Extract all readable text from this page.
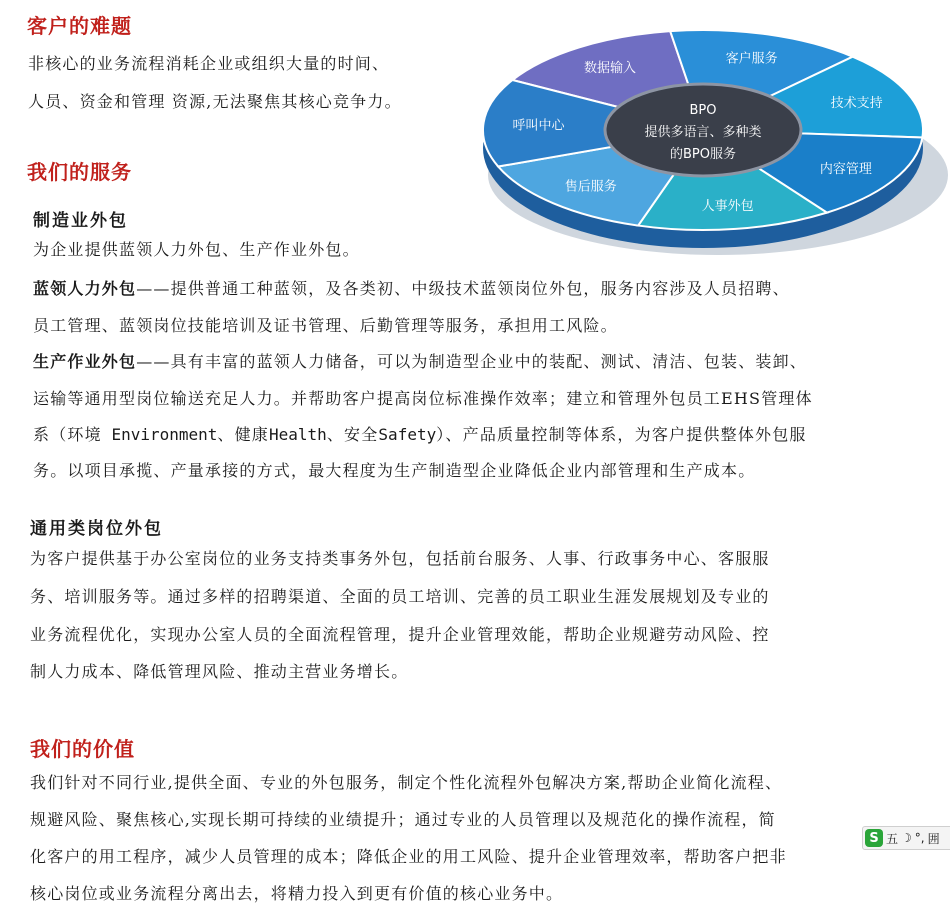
客户的难题

非核心的业务流程消耗企业或组织大量的时间、

人员、资金和管理 资源,无法聚焦其核心竞争力。

数据输入
客户服务
技术支持
内容管理
人事外包
售后服务
呼叫中心
BPO
提供多语言、多种类
的BPO服务
我们的服务
制造业外包

为企业提供蓝领人力外包、生产作业外包。

蓝领人力外包——提供普通工种蓝领，及各类初、中级技术蓝领岗位外包，服务内容涉及人员招聘、

员工管理、蓝领岗位技能培训及证书管理、后勤管理等服务，承担用工风险。

生产作业外包——具有丰富的蓝领人力储备，可以为制造型企业中的装配、测试、清洁、包装、装卸、

运输等通用型岗位输送充足人力。并帮助客户提高岗位标准操作效率；建立和管理外包员工EHS管理体

系（环境 Environment、健康Health、安全Safety）、产品质量控制等体系，为客户提供整体外包服

务。以项目承揽、产量承接的方式，最大程度为生产制造型企业降低企业内部管理和生产成本。

通用类岗位外包

为客户提供基于办公室岗位的业务支持类事务外包，包括前台服务、人事、行政事务中心、客服服

务、培训服务等。通过多样的招聘渠道、全面的员工培训、完善的员工职业生涯发展规划及专业的

业务流程优化，实现办公室人员的全面流程管理，提升企业管理效能，帮助企业规避劳动风险、控

制人力成本、降低管理风险、推动主营业务增长。

我们的价值

我们针对不同行业,提供全面、专业的外包服务，制定个性化流程外包解决方案,帮助企业简化流程、

规避风险、聚焦核心,实现长期可持续的业绩提升；通过专业的人员管理以及规范化的操作流程，简

化客户的用工程序，减少人员管理的成本；降低企业的用工风险、提升企业管理效率，帮助客户把非

核心岗位或业务流程分离出去，将精力投入到更有价值的核心业务中。

S 五 ☽ °, 囲
